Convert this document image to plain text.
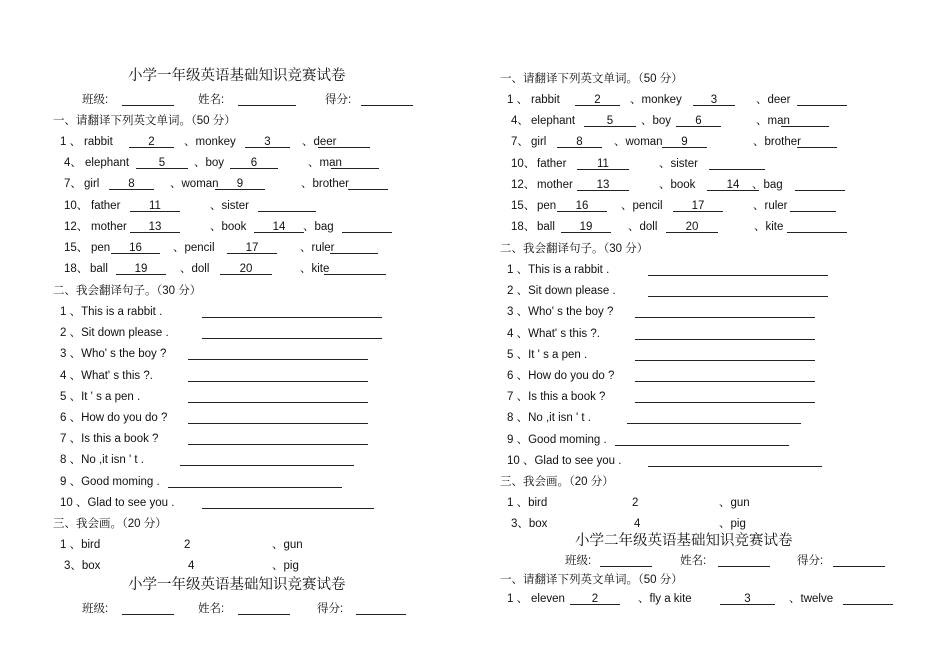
小学一年级英语基础知识竞赛试卷
班级:	姓名:	得分:
一、请翻译下列英文单词。（50 分）
1 、 rabbit	2	、monkey	3	、deer
4、 elephant	5	、boy	6	、man
7、 girl	8	、woman	9	、brother
10、 father	11	、sister
12、 mother	13	、book	14	、bag
15、 pen	16	、pencil	17	、ruler
18、 ball	19	、doll	20	、kite
二、我会翻译句子。（30 分）
1 、This is a rabbit .
2 、Sit down please .
3 、Who' s the boy ?
4 、What' s this ?.
5 、It ' s a pen .
6 、How do you do ?
7 、Is this a book ?
8 、No ,it isn ' t .
9 、Good moming .
10 、Glad to see you .
三、我会画。（20 分）
1 、bird	2	、gun
3、box	4	、pig
小学一年级英语基础知识竞赛试卷
班级:	姓名:	得分:
一、请翻译下列英文单词。（50 分）
1 、 rabbit	2	、monkey	3	、deer
4、 elephant	5	、boy	6	、man
7、 girl	8	、woman	9	、brother
10、 father	11	、sister
12、 mother	13	、book	14	、bag
15、 pen	16	、pencil	17	、ruler
18、 ball	19	、doll	20	、kite
二、我会翻译句子。（30 分）
1 、This is a rabbit .
2 、Sit down please .
3 、Who' s the boy ?
4 、What' s this ?.
5 、It ' s a pen .
6 、How do you do ?
7 、Is this a book ?
8 、No ,it isn ' t .
9 、Good moming .
10 、Glad to see you .
三、我会画。（20 分）
1 、bird	2	、gun
3、box	4	、pig
小学二年级英语基础知识竞赛试卷
班级:	姓名:	得分:
一、请翻译下列英文单词。（50 分）
1 、 eleven	2	、fly a kite	3	、twelve
